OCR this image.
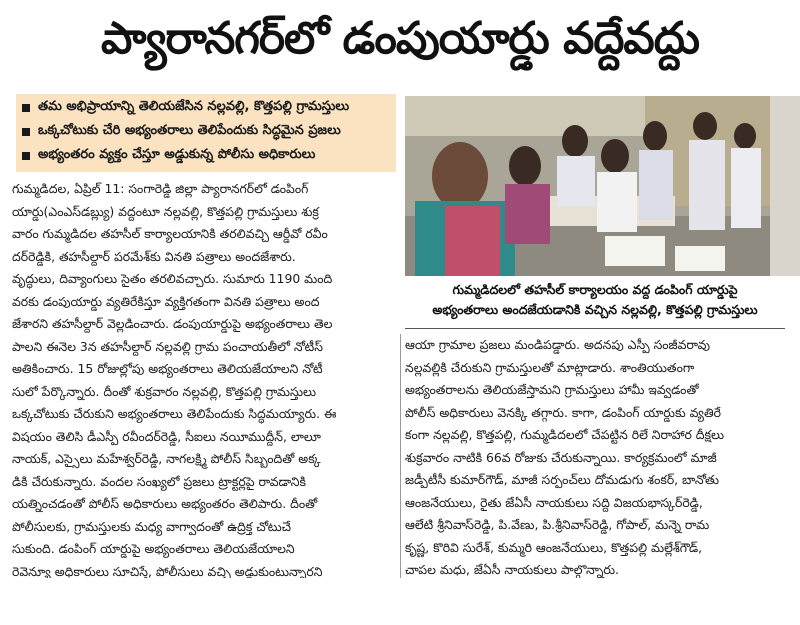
ప్యారానగర్‌లో డంపుయార్డు వద్దేవద్దు
తమ అభిప్రాయాన్ని తెలియజేసిన నల్లవల్లి, కొత్తపల్లి గ్రామస్తులు
ఒక్కచోటుకు చేరి అభ్యంతరాలు తెలిపేందుకు సిద్ధమైన ప్రజలు
అభ్యంతరం వ్యక్తం చేస్తూ అడ్డుకున్న పోలీసు అధికారులు
గుమ్మడిదలలో తహసీల్ కార్యాలయం వద్ద డంపింగ్ యార్డుపై
అభ్యంతరాలు అందజేయడానికి వచ్చిన నల్లవల్లి, కొత్తపల్లి గ్రామస్తులు
గుమ్మడిదల, ఏప్రిల్ 11: సంగారెడ్డి జిల్లా ప్యారానగర్‌లో డంపింగ్
యార్డు(ఎంఎస్‌డబ్ల్యు) వద్దంటూ నల్లవల్లి, కొత్తపల్లి గ్రామస్తులు శుక్ర
వారం గుమ్మడిదల తహసీల్ కార్యాలయానికి తరలివచ్చి ఆర్డీవో రవీం
దర్‌రెడ్డికి, తహసీల్దార్ పరమేశ్‌కు వినతి పత్రాలు అందజేశారు.
వృద్ధులు, దివ్యాంగులు సైతం తరలివచ్చారు. సుమారు 1190 మంది
వరకు డంపుయార్డు వ్యతిరేకిస్తూ వ్యక్తిగతంగా వినతి పత్రాలు అంద
జేశారని తహసీల్దార్ వెల్లడించారు. డంపుయార్డుపై అభ్యంతరాలు తెల
పాలని ఈనెల 3న తహసీల్దార్ నల్లవల్లి గ్రామ పంచాయతీలో నోటీస్
అతికించారు. 15 రోజుల్లోపు అభ్యంతరాలు తెలియజేయాలని నోటీ
సులో పేర్కొన్నారు. దీంతో శుక్రవారం నల్లవల్లి, కొత్తపల్లి గ్రామస్తులు
ఒక్కచోటుకు చేరుకుని అభ్యంతరాలు తెలిపేందుకు సిద్ధమయ్యారు. ఈ
విషయం తెలిసి డీఎస్పీ రవీందర్‌రెడ్డి, సీఐలు నయీముద్దీన్, లాలూ
నాయక్, ఎస్సైలు మహేశ్వర్‌రెడ్డి, నాగలక్ష్మి పోలీస్ సిబ్బందితో అక్క
డికి చేరుకున్నారు. వందల సంఖ్యలో ప్రజలు ట్రాక్టర్లపై రావడానికి
యత్నించడంతో పోలీస్ అధికారులు అభ్యంతరం తెలిపారు. దీంతో
పోలీసులకు, గ్రామస్తులకు మధ్య వాగ్వాదంతో ఉద్రిక్త చోటుచే
సుకుంది. డంపింగ్ యార్డుపై అభ్యంతరాలు తెలియజేయాలని
రెవెన్యూ అధికారులు సూచిస్తే, పోలీసులు వచ్చి అడ్డుకుంటున్నారని
ఆయా గ్రామాల ప్రజలు మండిపడ్డారు. అదనపు ఎస్పీ సంజీవరావు
నల్లవల్లికి చేరుకుని గ్రామస్తులతో మాట్లాడారు. శాంతియుతంగా
అభ్యంతరాలను తెలియజేస్తామని గ్రామస్తులు హామీ ఇవ్వడంతో
పోలీస్ అధికారులు వెనక్కి తగ్గారు. కాగా, డంపింగ్ యార్డుకు వ్యతిరే
కంగా నల్లవల్లి, కొత్తపల్లి, గుమ్మడిదలలో చేపట్టిన రిలే నిరాహార దీక్షలు
శుక్రవారం నాటికి 66వ రోజుకు చేరుకున్నాయి. కార్యక్రమంలో మాజీ
జడ్పీటీసీ కుమార్‌గౌడ్, మాజీ సర్పంచ్‌లు దోమడుగు శంకర్, బానోతు
ఆంజనేయులు, రైతు జేఏసీ నాయకులు సద్ది విజయభాస్కర్‌రెడ్డి,
ఆలేటి శ్రీనివాస్‌రెడ్డి, పి.వేణు, పి.శ్రీనివాస్‌రెడ్డి, గోపాల్, మన్నె రామ
కృష్ణ, కొరివి సురేశ్, కుమ్మరి ఆంజనేయులు, కొత్తపల్లి మల్లేశ్‌గౌడ్,
చాపల మధు, జేఏసీ నాయకులు పాల్గొన్నారు.
